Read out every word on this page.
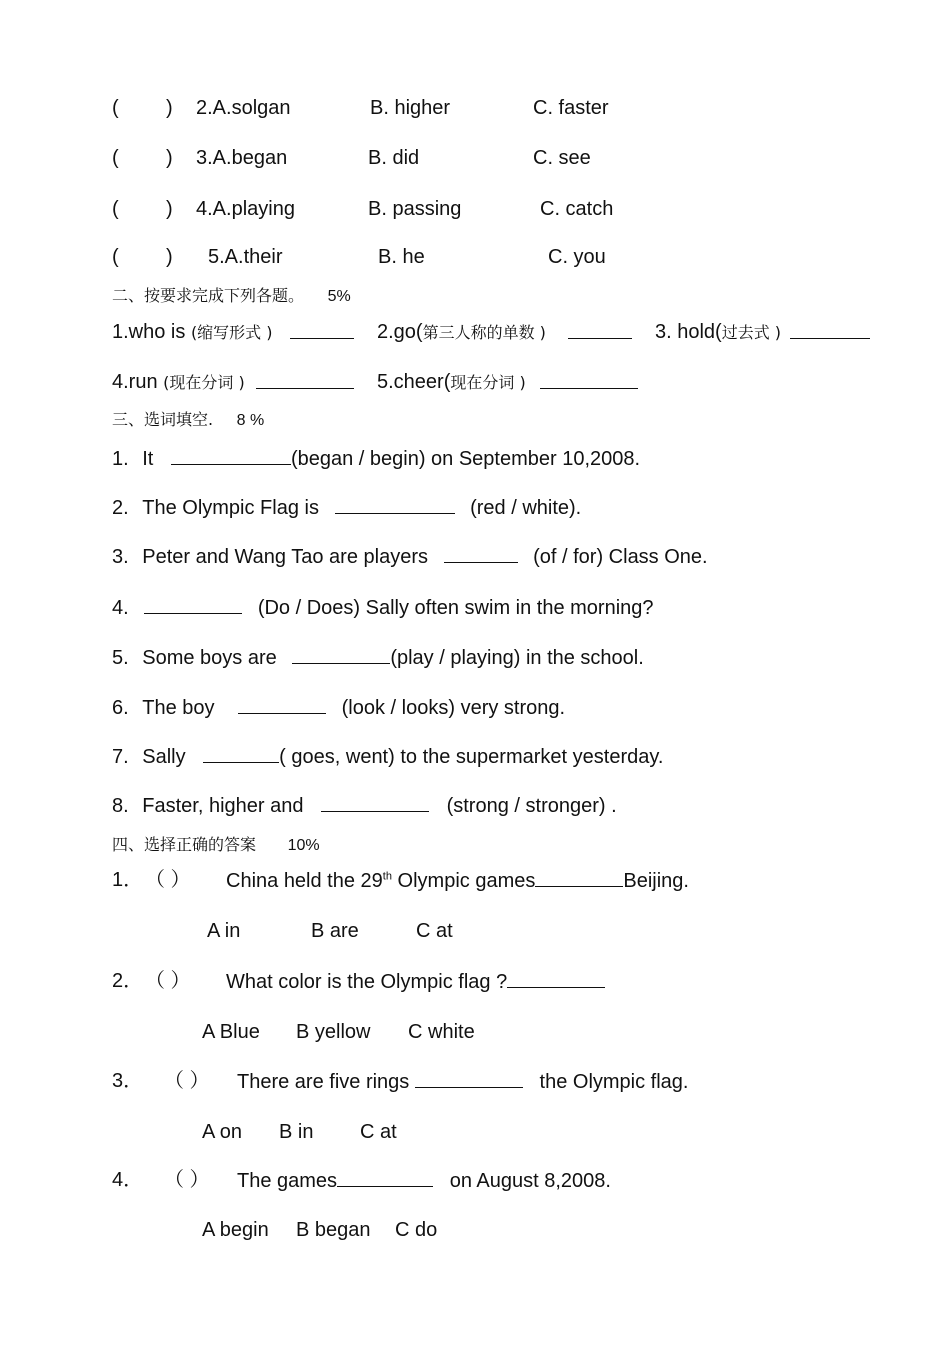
( ) 2.A.solgan	B. higher	C. faster
( ) 3.A.began	B. did	C. see
( ) 4.A.playing	B. passing	C. catch
( ) 5.A.their	B. he	C. you
二、按要求完成下列各题。 5%
1.who is (缩写形式 )	2.go(第三人称的单数 )	3. hold(过去式 )
4.run (现在分词 )	5.cheer(现在分词 )
三、选词填空. 8 %
1. It	(began / begin) on September 10,2008.
2. The Olympic Flag is	(red / white).
3. Peter and Wang Tao are players	(of / for) Class One.
4.	(Do / Does) Sally often swim in the morning?
5. Some boys are	(play / playing) in the school.
6. The boy	(look / looks) very strong.
7. Sally	( goes, went) to the supermarket yesterday.
8. Faster, higher and	(strong / stronger) .
四、选择正确的答案 10%
1． （ ） China held the 29th Olympic games	Beijing.
A in	B are	C at
2． （ ） What color is the Olympic flag ?
A Blue B yellow C white
3． （ ） There are five rings	the Olympic flag.
A on B in C at
4． （ ） The games	on August 8,2008.
A begin B began C do
